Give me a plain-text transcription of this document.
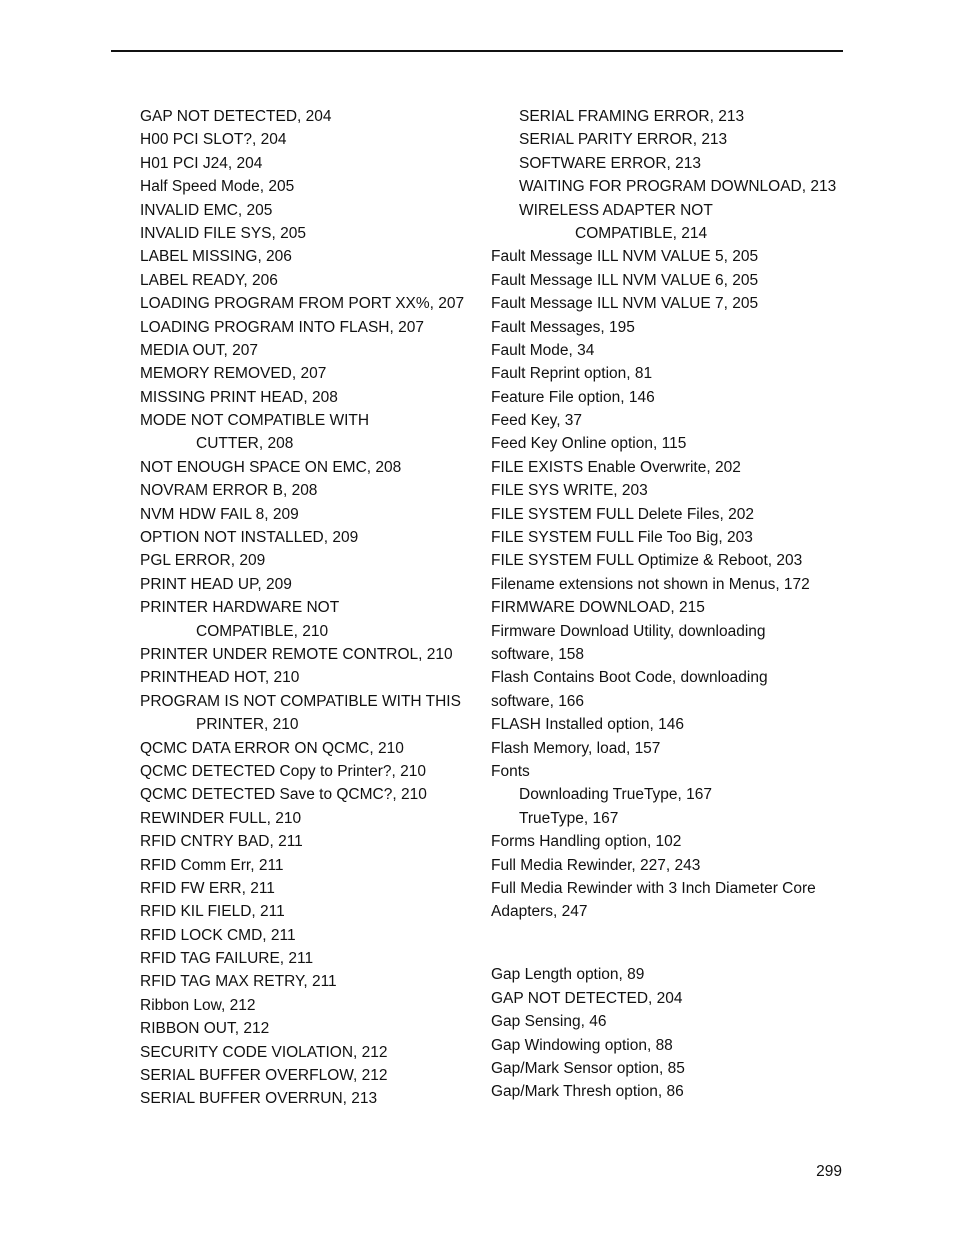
GAP NOT DETECTED, 204
H00 PCI SLOT?, 204
H01 PCI J24, 204
Half Speed Mode, 205
INVALID EMC, 205
INVALID FILE SYS, 205
LABEL MISSING, 206
LABEL READY, 206
LOADING PROGRAM FROM PORT XX%, 207
LOADING PROGRAM INTO FLASH, 207
MEDIA OUT, 207
MEMORY REMOVED, 207
MISSING PRINT HEAD, 208
MODE NOT COMPATIBLE WITH
CUTTER, 208
NOT ENOUGH SPACE ON EMC, 208
NOVRAM ERROR B, 208
NVM HDW FAIL 8, 209
OPTION NOT INSTALLED, 209
PGL ERROR, 209
PRINT HEAD UP, 209
PRINTER HARDWARE NOT
COMPATIBLE, 210
PRINTER UNDER REMOTE CONTROL, 210
PRINTHEAD HOT, 210
PROGRAM IS NOT COMPATIBLE WITH THIS
PRINTER, 210
QCMC DATA ERROR ON QCMC, 210
QCMC DETECTED Copy to Printer?, 210
QCMC DETECTED Save to QCMC?, 210
REWINDER FULL, 210
RFID CNTRY BAD, 211
RFID Comm Err, 211
RFID FW ERR, 211
RFID KIL FIELD, 211
RFID LOCK CMD, 211
RFID TAG FAILURE, 211
RFID TAG MAX RETRY, 211
Ribbon Low, 212
RIBBON OUT, 212
SECURITY CODE VIOLATION, 212
SERIAL BUFFER OVERFLOW, 212
SERIAL BUFFER OVERRUN, 213
SERIAL FRAMING ERROR, 213
SERIAL PARITY ERROR, 213
SOFTWARE ERROR, 213
WAITING FOR PROGRAM DOWNLOAD, 213
WIRELESS ADAPTER NOT
COMPATIBLE, 214
Fault Message ILL NVM VALUE 5, 205
Fault Message ILL NVM VALUE 6, 205
Fault Message ILL NVM VALUE 7, 205
Fault Messages, 195
Fault Mode, 34
Fault Reprint option, 81
Feature File option, 146
Feed Key, 37
Feed Key Online option, 115
FILE EXISTS Enable Overwrite, 202
FILE SYS WRITE, 203
FILE SYSTEM FULL Delete Files, 202
FILE SYSTEM FULL File Too Big, 203
FILE SYSTEM FULL Optimize & Reboot, 203
Filename extensions not shown in Menus, 172
FIRMWARE DOWNLOAD, 215
Firmware Download Utility, downloading
software, 158
Flash Contains Boot Code, downloading
software, 166
FLASH Installed option, 146
Flash Memory, load, 157
Fonts
Downloading TrueType, 167
TrueType, 167
Forms Handling option, 102
Full Media Rewinder, 227, 243
Full Media Rewinder with 3 Inch Diameter Core
Adapters, 247
Gap Length option, 89
GAP NOT DETECTED, 204
Gap Sensing, 46
Gap Windowing option, 88
Gap/Mark Sensor option, 85
Gap/Mark Thresh option, 86
299
